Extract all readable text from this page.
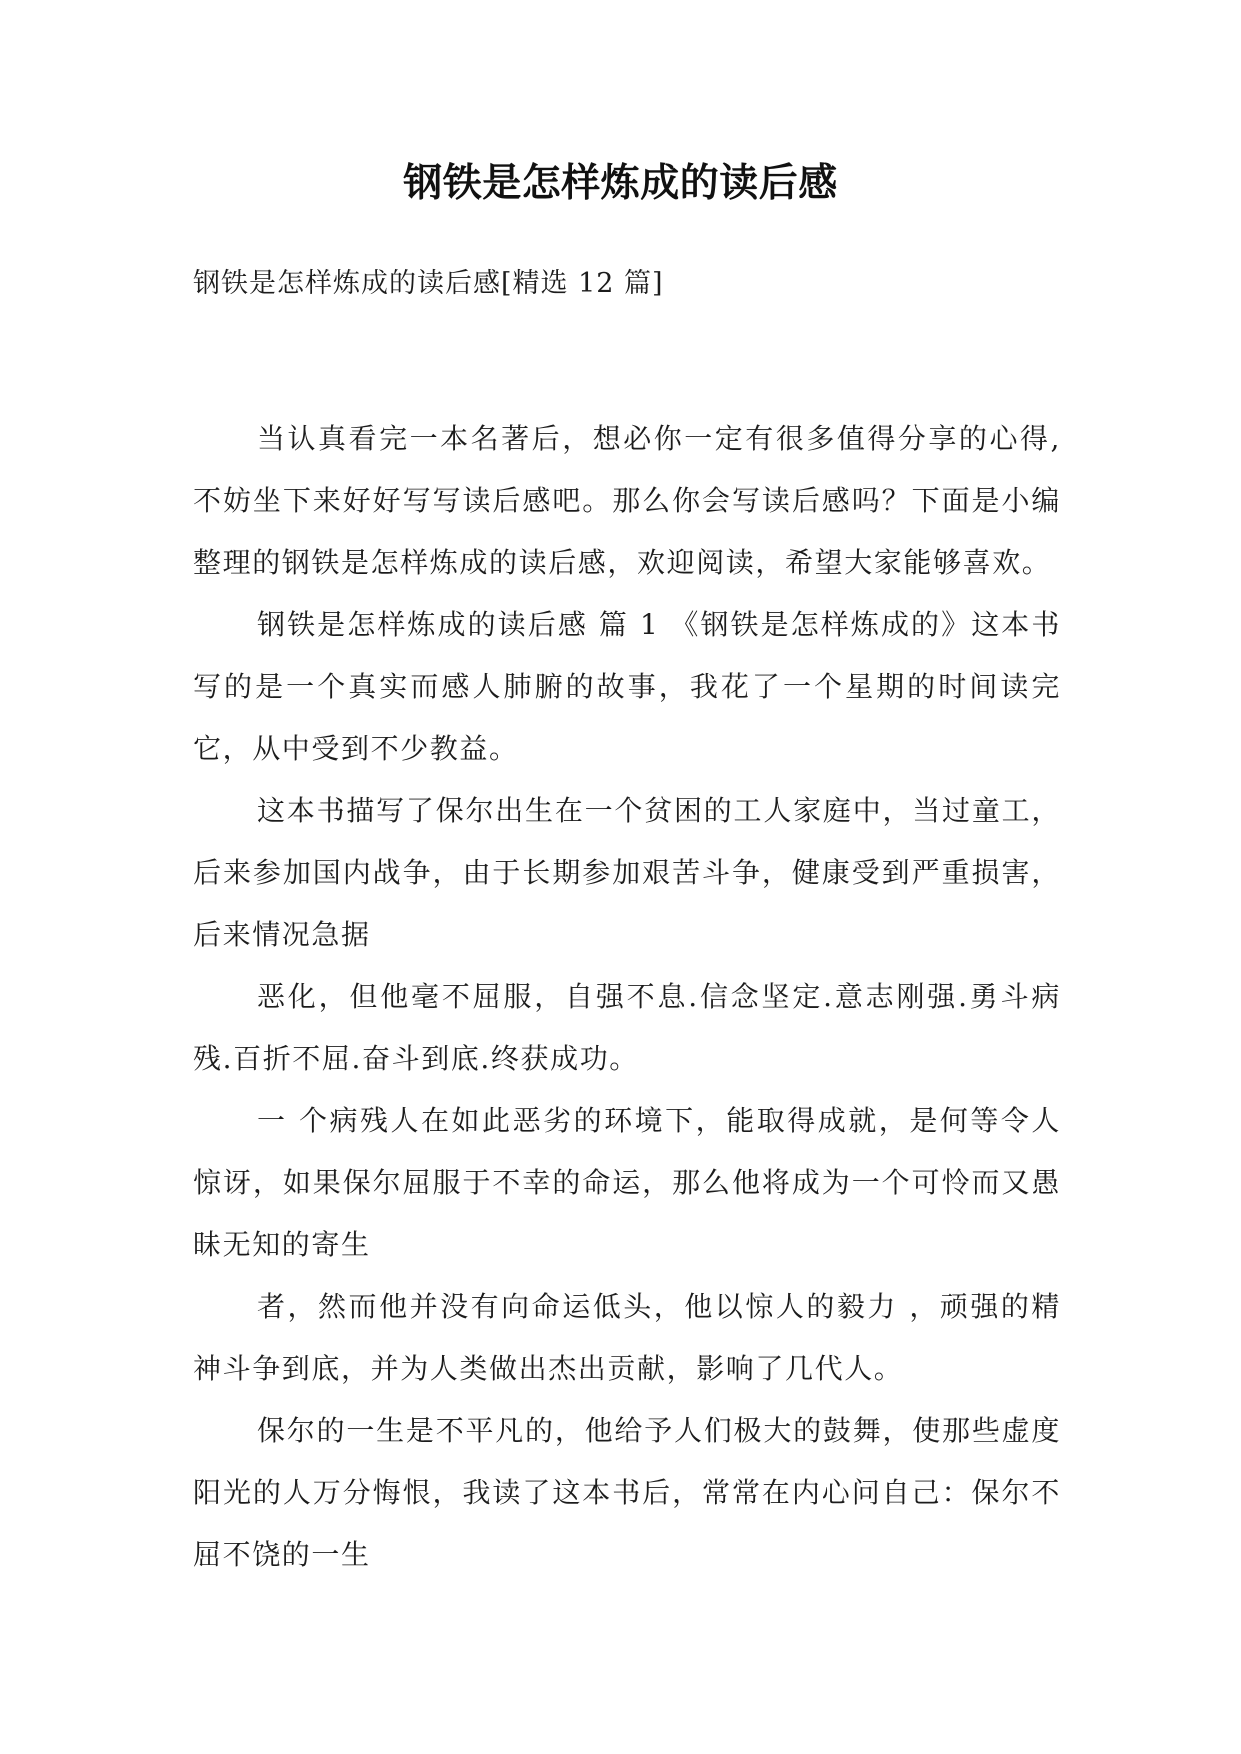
钢铁是怎样炼成的读后感

钢铁是怎样炼成的读后感[精选 12 篇]

当认真看完一本名著后，想必你一定有很多值得分享的心得,不妨坐下来好好写写读后感吧。那么你会写读后感吗？下面是小编整理的钢铁是怎样炼成的读后感，欢迎阅读，希望大家能够喜欢。

钢铁是怎样炼成的读后感 篇 1 《钢铁是怎样炼成的》这本书写的是一个真实而感人肺腑的故事，我花了一个星期的时间读完它，从中受到不少教益。

这本书描写了保尔出生在一个贫困的工人家庭中，当过童工，后来参加国内战争，由于长期参加艰苦斗争，健康受到严重损害，后来情况急据

恶化，但他毫不屈服，自强不息.信念坚定.意志刚强.勇斗病残.百折不屈.奋斗到底.终获成功。

一 个病残人在如此恶劣的环境下，能取得成就，是何等令人惊讶，如果保尔屈服于不幸的命运，那么他将成为一个可怜而又愚昧无知的寄生

者，然而他并没有向命运低头，他以惊人的毅力 ，顽强的精神斗争到底，并为人类做出杰出贡献，影响了几代人。

保尔的一生是不平凡的，他给予人们极大的鼓舞，使那些虚度阳光的人万分悔恨，我读了这本书后，常常在内心问自己：保尔不屈不饶的一生
